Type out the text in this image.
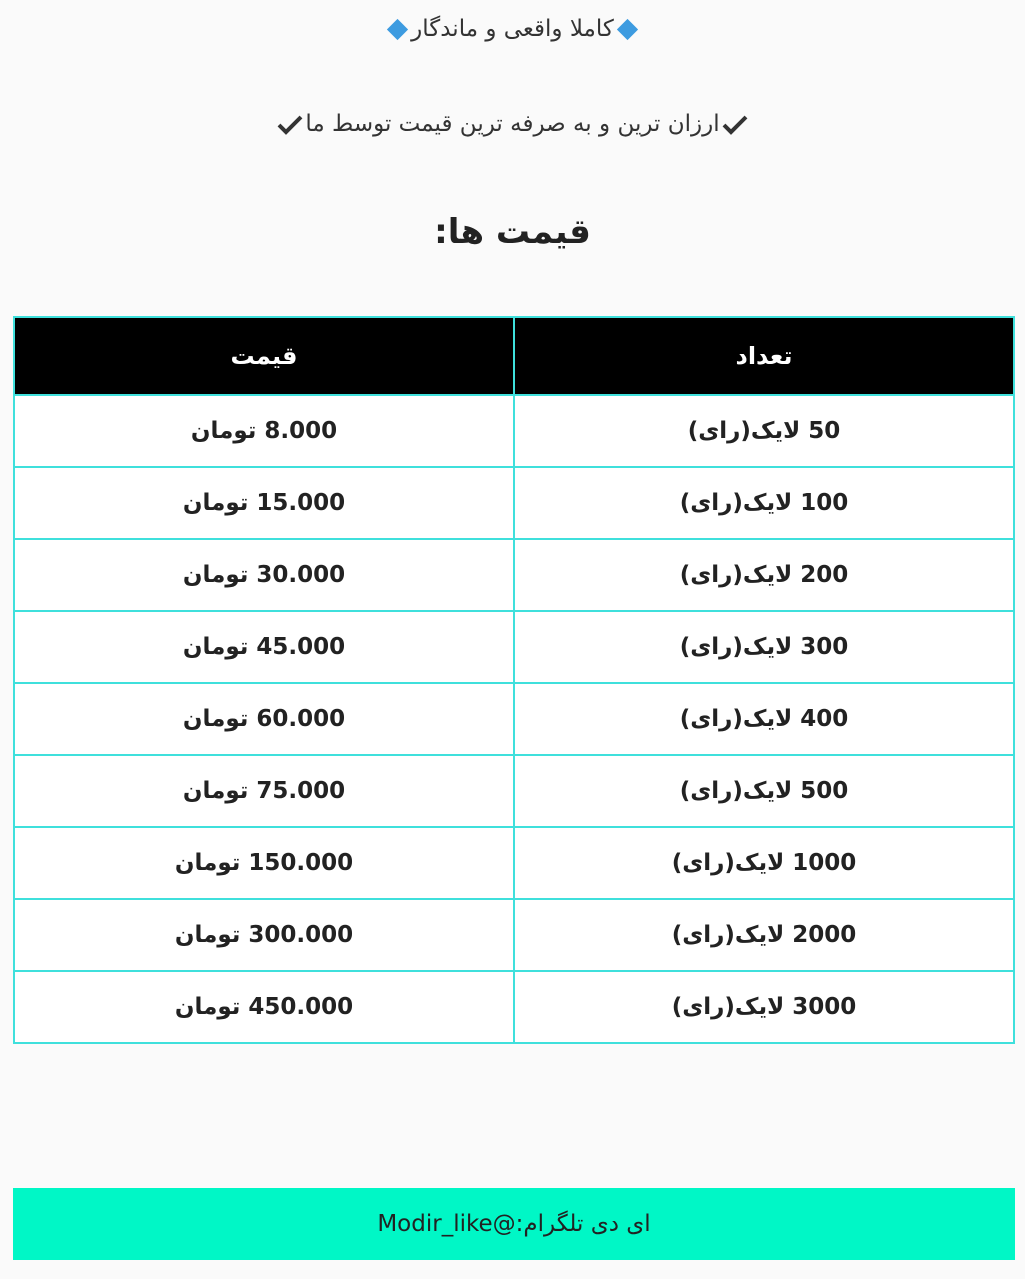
کاملا واقعی و ماندگار
ارزان ترین و به صرفه ترین قیمت توسط ما
قیمت ها:
تعداد	قیمت
50 لایک(رای)	8.000 تومان
100 لایک(رای)	15.000 تومان
200 لایک(رای)	30.000 تومان
300 لایک(رای)	45.000 تومان
400 لایک(رای)	60.000 تومان
500 لایک(رای)	75.000 تومان
1000 لایک(رای)	150.000 تومان
2000 لایک(رای)	300.000 تومان
3000 لایک(رای)	450.000 تومان
ای دی تلگرام:@Modir_like
